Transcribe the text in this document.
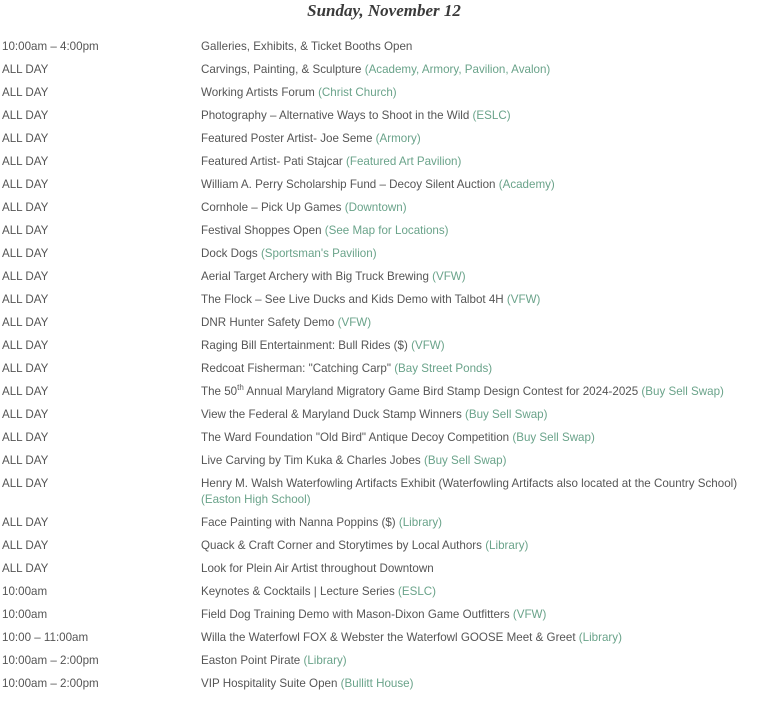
Sunday, November 12
10:00am – 4:00pm	Galleries, Exhibits, & Ticket Booths Open
ALL DAY	Carvings, Painting, & Sculpture (Academy, Armory, Pavilion, Avalon)
ALL DAY	Working Artists Forum (Christ Church)
ALL DAY	Photography – Alternative Ways to Shoot in the Wild (ESLC)
ALL DAY	Featured Poster Artist- Joe Seme (Armory)
ALL DAY	Featured Artist- Pati Stajcar (Featured Art Pavilion)
ALL DAY	William A. Perry Scholarship Fund – Decoy Silent Auction (Academy)
ALL DAY	Cornhole – Pick Up Games (Downtown)
ALL DAY	Festival Shoppes Open (See Map for Locations)
ALL DAY	Dock Dogs (Sportsman's Pavilion)
ALL DAY	Aerial Target Archery with Big Truck Brewing (VFW)
ALL DAY	The Flock – See Live Ducks and Kids Demo with Talbot 4H (VFW)
ALL DAY	DNR Hunter Safety Demo (VFW)
ALL DAY	Raging Bill Entertainment: Bull Rides ($) (VFW)
ALL DAY	Redcoat Fisherman: "Catching Carp" (Bay Street Ponds)
ALL DAY	The 50th Annual Maryland Migratory Game Bird Stamp Design Contest for 2024-2025 (Buy Sell Swap)
ALL DAY	View the Federal & Maryland Duck Stamp Winners (Buy Sell Swap)
ALL DAY	The Ward Foundation "Old Bird" Antique Decoy Competition (Buy Sell Swap)
ALL DAY	Live Carving by Tim Kuka & Charles Jobes (Buy Sell Swap)
ALL DAY	Henry M. Walsh Waterfowling Artifacts Exhibit (Waterfowling Artifacts also located at the Country School) (Easton High School)
ALL DAY	Face Painting with Nanna Poppins ($) (Library)
ALL DAY	Quack & Craft Corner and Storytimes by Local Authors (Library)
ALL DAY	Look for Plein Air Artist throughout Downtown
10:00am	Keynotes & Cocktails | Lecture Series (ESLC)
10:00am	Field Dog Training Demo with Mason-Dixon Game Outfitters (VFW)
10:00 – 11:00am	Willa the Waterfowl FOX & Webster the Waterfowl GOOSE Meet & Greet (Library)
10:00am – 2:00pm	Easton Point Pirate (Library)
10:00am – 2:00pm	VIP Hospitality Suite Open (Bullitt House)
